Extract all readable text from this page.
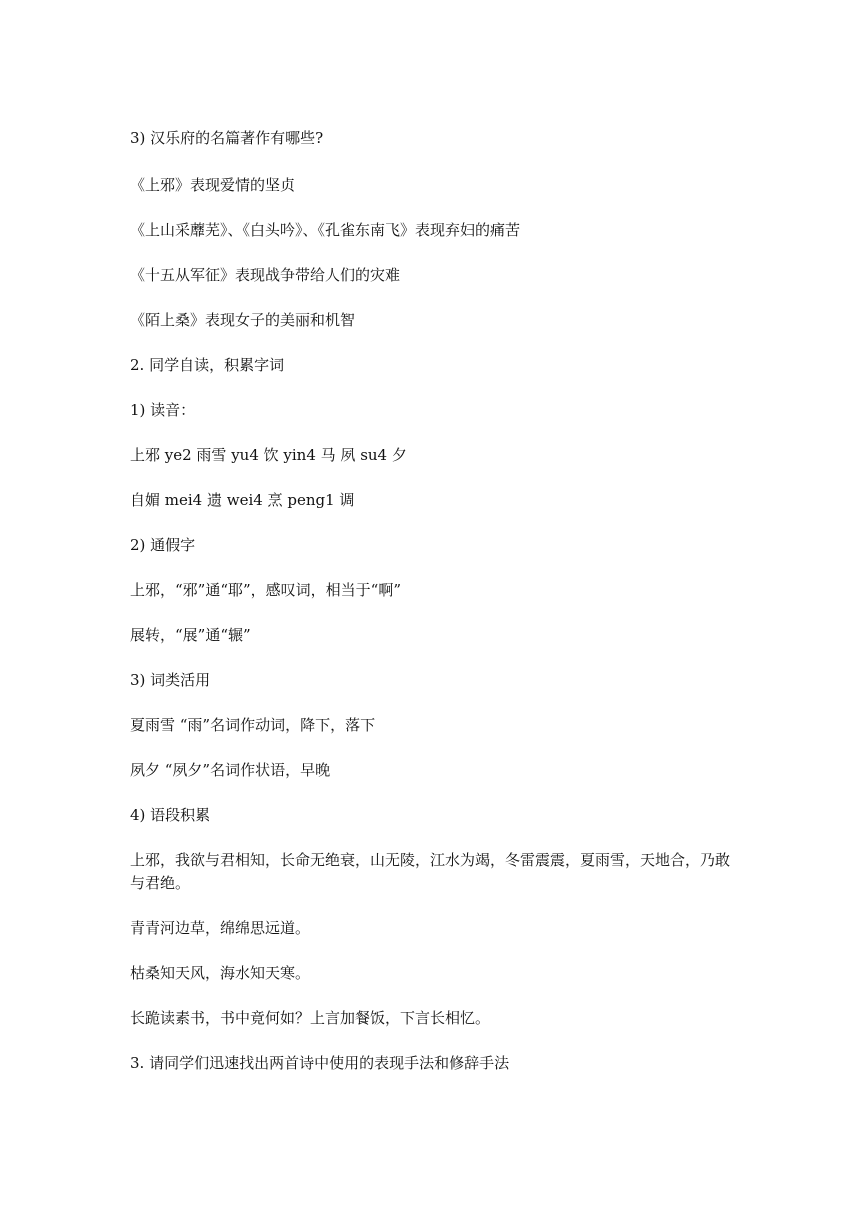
3) 汉乐府的名篇著作有哪些?
《上邪》表现爱情的坚贞
《上山采蘼芜》、《白头吟》、《孔雀东南飞》表现弃妇的痛苦
《十五从军征》表现战争带给人们的灾难
《陌上桑》表现女子的美丽和机智
2. 同学自读，积累字词
1) 读音：
上邪 ye2 雨雪 yu4 饮 yin4 马 夙 su4 夕
自媚 mei4 遗 wei4 烹 peng1 调
2) 通假字
上邪，“邪”通“耶”，感叹词，相当于“啊”
展转，“展”通“辗”
3) 词类活用
夏雨雪 “雨”名词作动词，降下，落下
夙夕 “夙夕”名词作状语，早晚
4) 语段积累
上邪，我欲与君相知，长命无绝衰，山无陵，江水为竭，冬雷震震，夏雨雪，天地合，乃敢与君绝。
青青河边草，绵绵思远道。
枯桑知天风，海水知天寒。
长跪读素书，书中竟何如？上言加餐饭，下言长相忆。
3. 请同学们迅速找出两首诗中使用的表现手法和修辞手法
